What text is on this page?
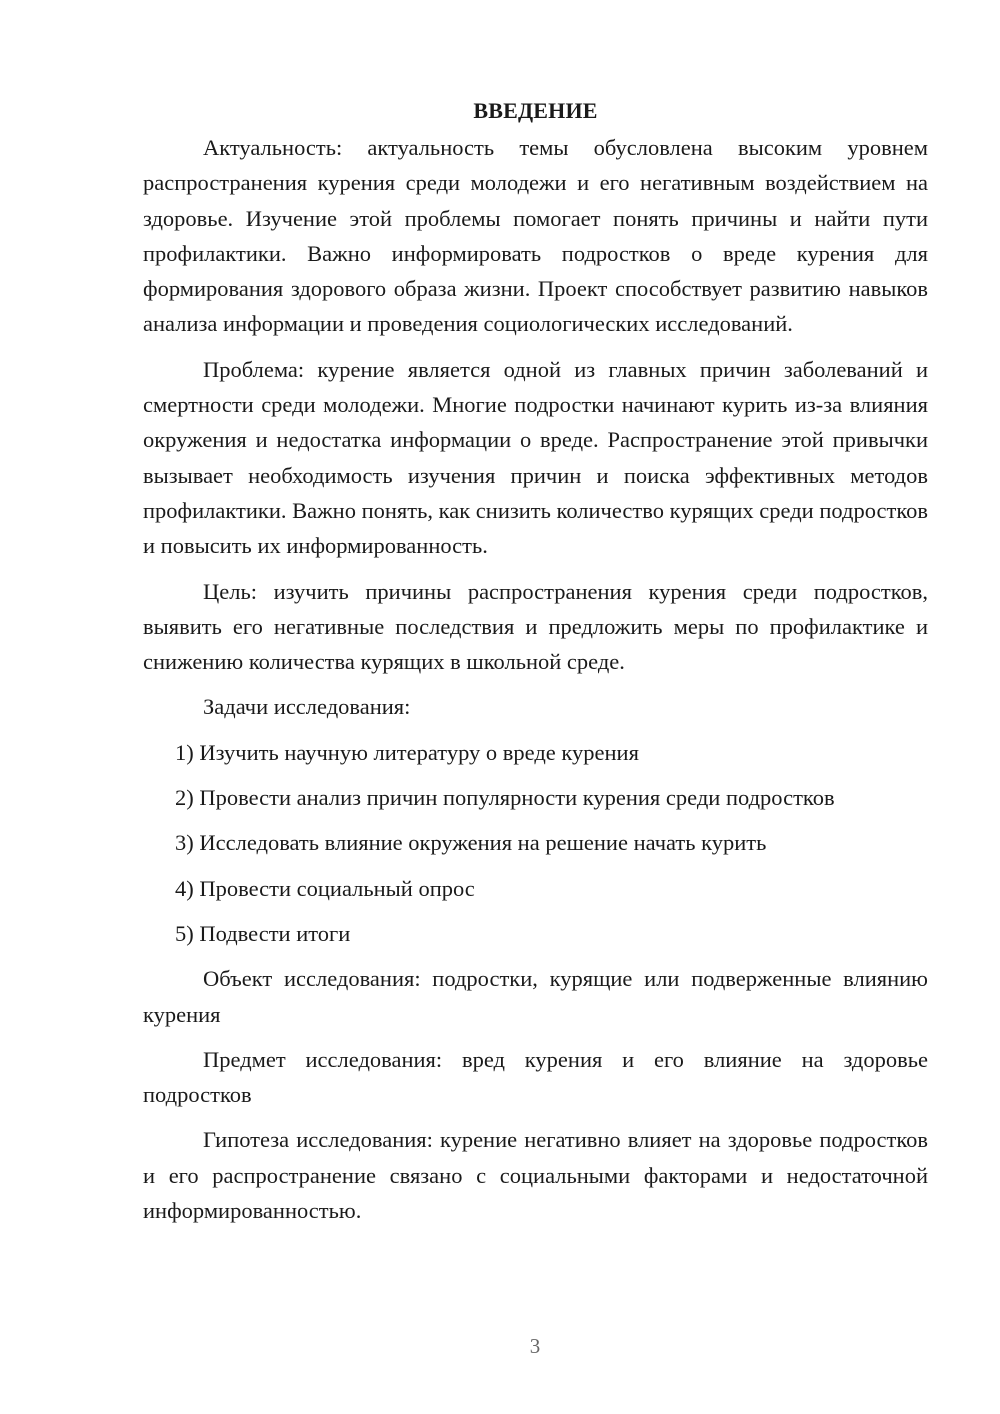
ВВЕДЕНИЕ

Актуальность: актуальность темы обусловлена высоким уровнем распространения курения среди молодежи и его негативным воздействием на здоровье. Изучение этой проблемы помогает понять причины и найти пути профилактики. Важно информировать подростков о вреде курения для формирования здорового образа жизни. Проект способствует развитию навыков анализа информации и проведения социологических исследований.

Проблема: курение является одной из главных причин заболеваний и смертности среди молодежи. Многие подростки начинают курить из-за влияния окружения и недостатка информации о вреде. Распространение этой привычки вызывает необходимость изучения причин и поиска эффективных методов профилактики. Важно понять, как снизить количество курящих среди подростков и повысить их информированность.

Цель: изучить причины распространения курения среди подростков, выявить его негативные последствия и предложить меры по профилактике и снижению количества курящих в школьной среде.

Задачи исследования:

1) Изучить научную литературу о вреде курения
2) Провести анализ причин популярности курения среди подростков
3) Исследовать влияние окружения на решение начать курить
4) Провести социальный опрос
5) Подвести итоги

Объект исследования: подростки, курящие или подверженные влиянию курения

Предмет исследования: вред курения и его влияние на здоровье подростков

Гипотеза исследования: курение негативно влияет на здоровье подростков и его распространение связано с социальными факторами и недостаточной информированностью.

3
